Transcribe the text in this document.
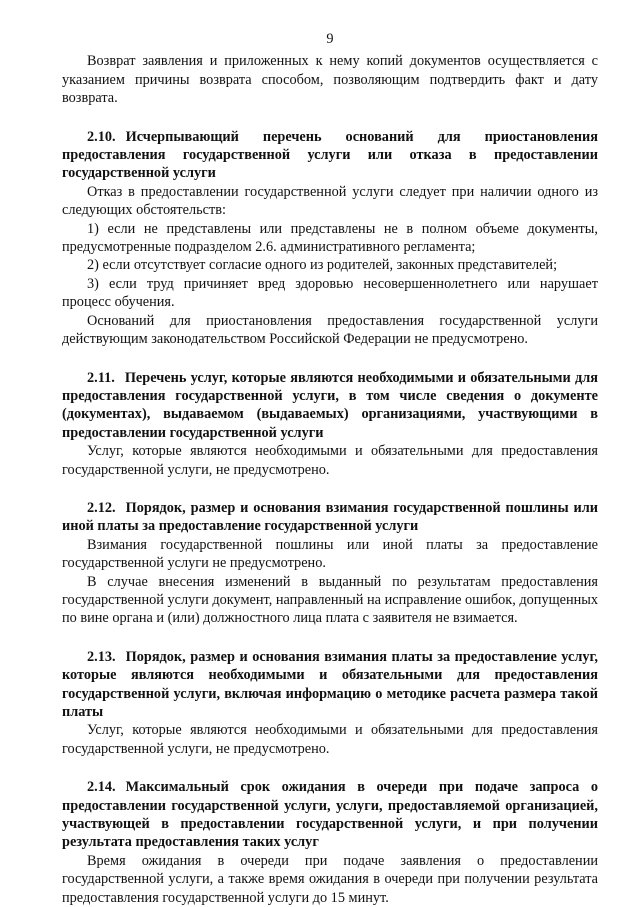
9

Возврат заявления и приложенных к нему копий документов осуществляется с указанием причины возврата способом, позволяющим подтвердить факт и дату возврата.

2.10. Исчерпывающий перечень оснований для приостановления предоставления государственной услуги или отказа в предоставлении государственной услуги

Отказ в предоставлении государственной услуги следует при наличии одного из следующих обстоятельств:

1) если не представлены или представлены не в полном объеме документы, предусмотренные подразделом 2.6. административного регламента;

2) если отсутствует согласие одного из родителей, законных представителей;

3) если труд причиняет вред здоровью несовершеннолетнего или нарушает процесс обучения.

Оснований для приостановления предоставления государственной услуги действующим законодательством Российской Федерации не предусмотрено.

2.11. Перечень услуг, которые являются необходимыми и обязательными для предоставления государственной услуги, в том числе сведения о документе (документах), выдаваемом (выдаваемых) организациями, участвующими в предоставлении государственной услуги

Услуг, которые являются необходимыми и обязательными для предоставления государственной услуги, не предусмотрено.

2.12. Порядок, размер и основания взимания государственной пошлины или иной платы за предоставление государственной услуги

Взимания государственной пошлины или иной платы за предоставление государственной услуги не предусмотрено.

В случае внесения изменений в выданный по результатам предоставления государственной услуги документ, направленный на исправление ошибок, допущенных по вине органа и (или) должностного лица плата с заявителя не взимается.

2.13. Порядок, размер и основания взимания платы за предоставление услуг, которые являются необходимыми и обязательными для предоставления государственной услуги, включая информацию о методике расчета размера такой платы

Услуг, которые являются необходимыми и обязательными для предоставления государственной услуги, не предусмотрено.

2.14. Максимальный срок ожидания в очереди при подаче запроса о предоставлении государственной услуги, услуги, предоставляемой организацией, участвующей в предоставлении государственной услуги, и при получении результата предоставления таких услуг

Время ожидания в очереди при подаче заявления о предоставлении государственной услуги, а также время ожидания в очереди при получении результата предоставления государственной услуги до 15 минут.
